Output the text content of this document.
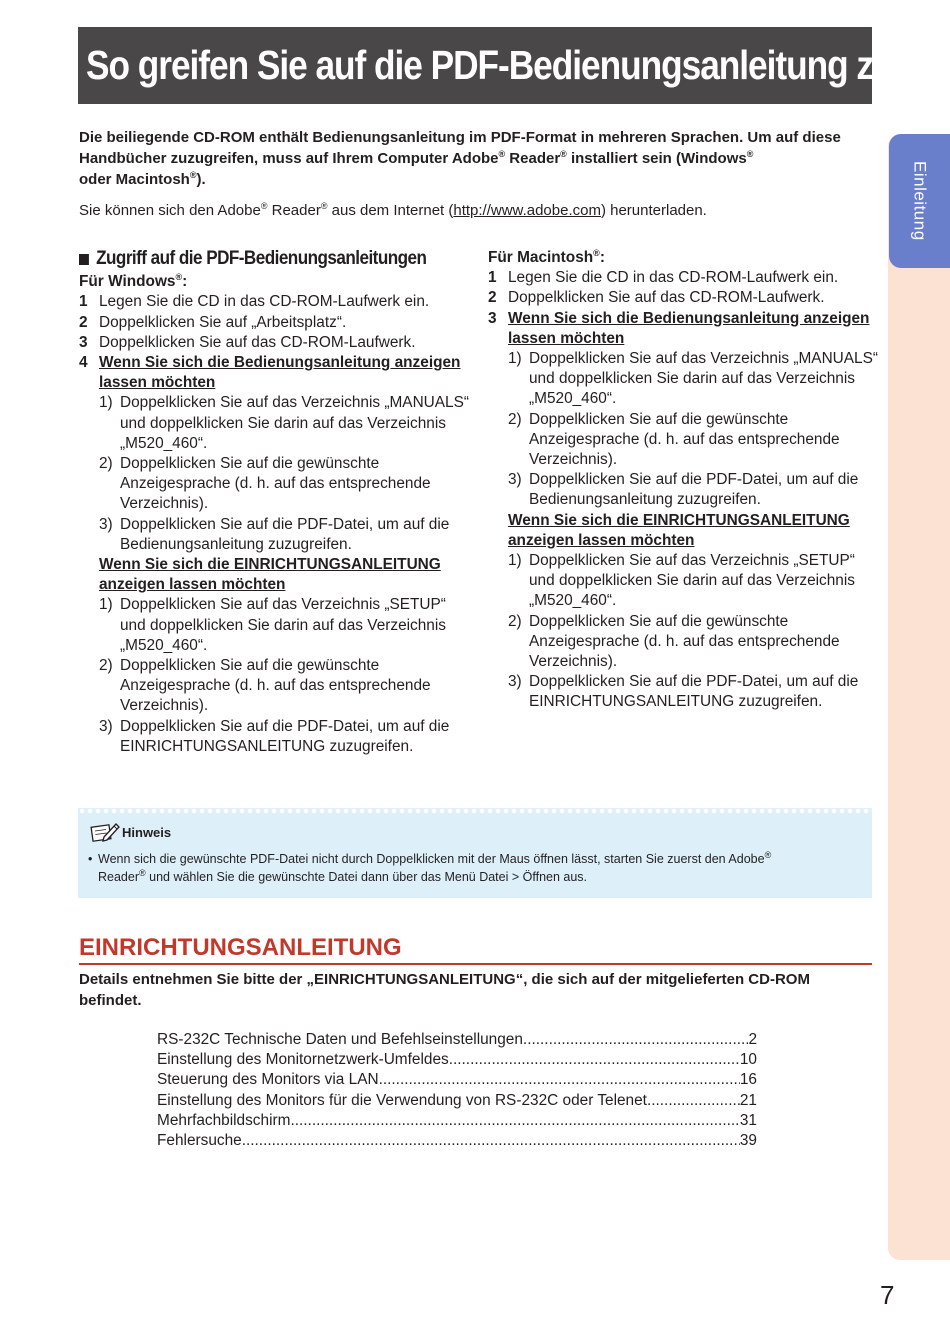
So greifen Sie auf die PDF-Bedienungsanleitung zu
Einleitung

Die beiliegende CD-ROM enthält Bedienungsanleitung im PDF-Format in mehreren Sprachen. Um auf diese Handbücher zuzugreifen, muss auf Ihrem Computer Adobe® Reader® installiert sein (Windows®
oder Macintosh®).

Sie können sich den Adobe® Reader® aus dem Internet (http://www.adobe.com) herunterladen.

Zugriff auf die PDF-Bedienungsanleitungen
Für Windows®:
1 Legen Sie die CD in das CD-ROM-Laufwerk ein.
2 Doppelklicken Sie auf „Arbeitsplatz“.
3 Doppelklicken Sie auf das CD-ROM-Laufwerk.
4 Wenn Sie sich die Bedienungsanleitung anzeigen lassen möchten
1) Doppelklicken Sie auf das Verzeichnis „MANUALS“ und doppelklicken Sie darin auf das Verzeichnis „M520_460“.
2) Doppelklicken Sie auf die gewünschte Anzeigesprache (d. h. auf das entsprechende Verzeichnis).
3) Doppelklicken Sie auf die PDF-Datei, um auf die Bedienungsanleitung zuzugreifen.
Wenn Sie sich die EINRICHTUNGSANLEITUNG anzeigen lassen möchten
1) Doppelklicken Sie auf das Verzeichnis „SETUP“ und doppelklicken Sie darin auf das Verzeichnis „M520_460“.
2) Doppelklicken Sie auf die gewünschte Anzeigesprache (d. h. auf das entsprechende Verzeichnis).
3) Doppelklicken Sie auf die PDF-Datei, um auf die EINRICHTUNGSANLEITUNG zuzugreifen.
Für Macintosh®:
1 Legen Sie die CD in das CD-ROM-Laufwerk ein.
2 Doppelklicken Sie auf das CD-ROM-Laufwerk.
3 Wenn Sie sich die Bedienungsanleitung anzeigen lassen möchten
1) Doppelklicken Sie auf das Verzeichnis „MANUALS“ und doppelklicken Sie darin auf das Verzeichnis „M520_460“.
2) Doppelklicken Sie auf die gewünschte Anzeigesprache (d. h. auf das entsprechende Verzeichnis).
3) Doppelklicken Sie auf die PDF-Datei, um auf die Bedienungsanleitung zuzugreifen.
Wenn Sie sich die EINRICHTUNGSANLEITUNG anzeigen lassen möchten
1) Doppelklicken Sie auf das Verzeichnis „SETUP“ und doppelklicken Sie darin auf das Verzeichnis „M520_460“.
2) Doppelklicken Sie auf die gewünschte Anzeigesprache (d. h. auf das entsprechende Verzeichnis).
3) Doppelklicken Sie auf die PDF-Datei, um auf die EINRICHTUNGSANLEITUNG zuzugreifen.
Hinweis
• Wenn sich die gewünschte PDF-Datei nicht durch Doppelklicken mit der Maus öffnen lässt, starten Sie zuerst den Adobe®
Reader® und wählen Sie die gewünschte Datei dann über das Menü Datei > Öffnen aus.
EINRICHTUNGSANLEITUNG
Details entnehmen Sie bitte der „EINRICHTUNGSANLEITUNG“, die sich auf der mitgelieferten CD-ROM befindet.
RS-232C Technische Daten und Befehlseinstellungen .....	2
Einstellung des Monitornetzwerk-Umfeldes .....	10
Steuerung des Monitors via LAN .....	16
Einstellung des Monitors für die Verwendung von RS-232C oder Telenet .....	21
Mehrfachbildschirm .....	31
Fehlersuche .....	39
7
